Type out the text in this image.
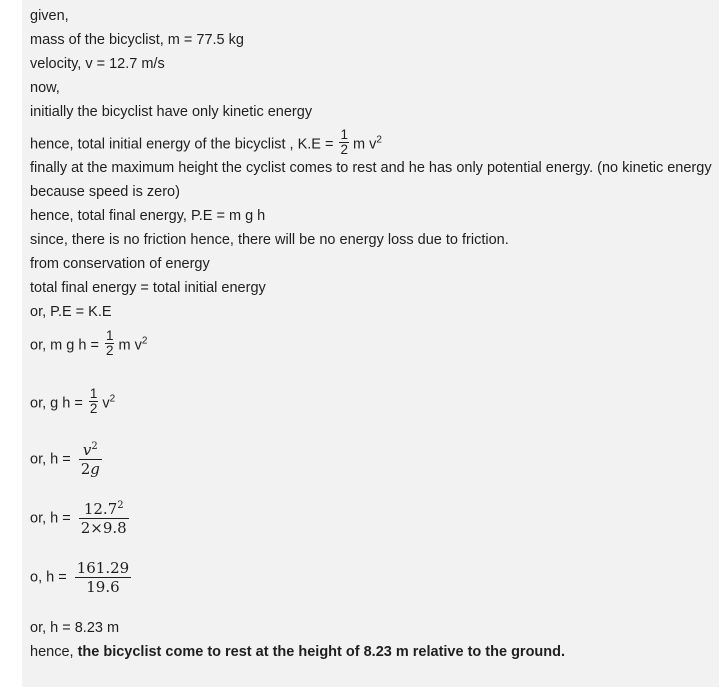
given,
mass of the bicyclist, m = 77.5 kg
velocity, v = 12.7 m/s
now,
initially the bicyclist have only kinetic energy
hence, total initial energy of the bicyclist , $K.E = \frac{1}{2}$ m $v^2$
finally at the maximum height the cyclist comes to rest and he has only potential energy. (no kinetic energy because speed is zero)
hence, total final energy, P.E = m g h
since, there is no friction hence, there will be no energy loss due to friction.
from conservation of energy
total final energy = total initial energy
or, P.E = K.E
or, m g $h = \frac{1}{2}$ m $v^2$
or, g $h = \frac{1}{2} v^2$
or, $h = \frac{v^2}{2g}$
or, $h = \frac{12.7^2}{2\times 9.8}$
o, $h = \frac{161.29}{19.6}$
or, h = 8.23 m
hence, the bicyclist come to rest at the height of 8.23 m relative to the ground.
